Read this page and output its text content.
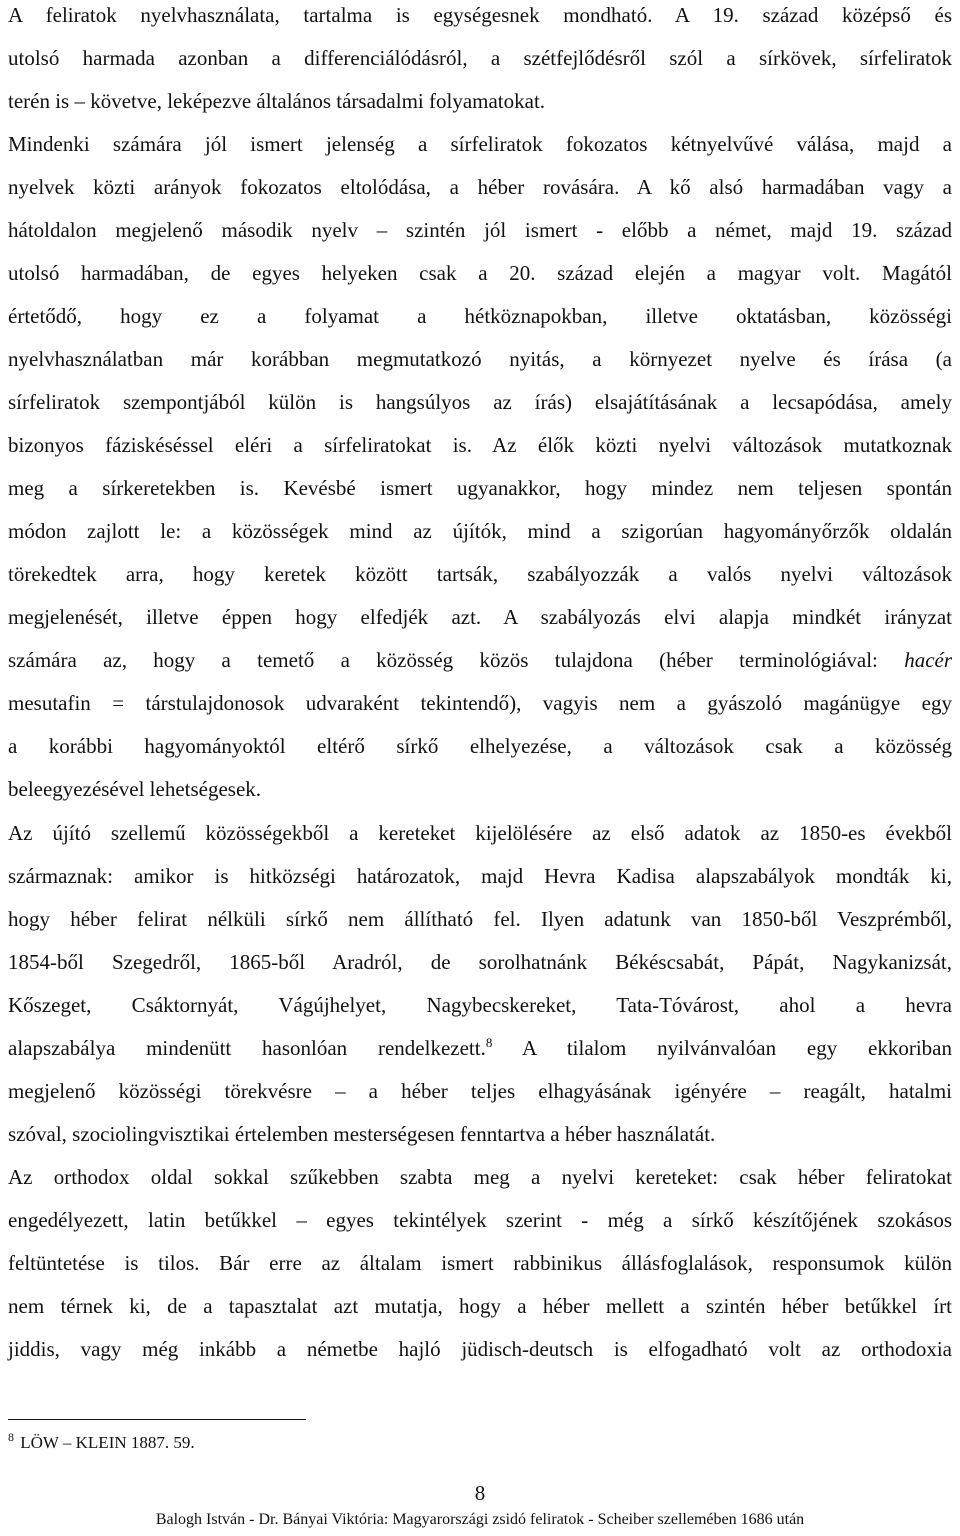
A feliratok nyelvhasználata, tartalma is egységesnek mondható. A 19. század középső és
utolsó harmada azonban a differenciálódásról, a szétfejlődésről szól a sírkövek, sírfeliratok
terén is – követve, leképezve általános társadalmi folyamatokat.
Mindenki számára jól ismert jelenség a sírfeliratok fokozatos kétnyelvűvé válása, majd a
nyelvek közti arányok fokozatos eltolódása, a héber rovására. A kő alsó harmadában vagy a
hátoldalon megjelenő második nyelv – szintén jól ismert - előbb a német, majd 19. század
utolsó harmadában, de egyes helyeken csak a 20. század elején a magyar volt. Magától
értetődő, hogy ez a folyamat a hétköznapokban, illetve oktatásban, közösségi
nyelvhasználatban már korábban megmutatkozó nyitás, a környezet nyelve és írása (a
sírfeliratok szempontjából külön is hangsúlyos az írás) elsajátításának a lecsapódása, amely
bizonyos fáziskéséssel eléri a sírfeliratokat is. Az élők közti nyelvi változások mutatkoznak
meg a sírkeretekben is. Kevésbé ismert ugyanakkor, hogy mindez nem teljesen spontán
módon zajlott le: a közösségek mind az újítók, mind a szigorúan hagyományőrzők oldalán
törekedtek arra, hogy keretek között tartsák, szabályozzák a valós nyelvi változások
megjelenését, illetve éppen hogy elfedjék azt. A szabályozás elvi alapja mindkét irányzat
számára az, hogy a temető a közösség közös tulajdona (héber terminológiával: hacér
mesutafin = társtulajdonosok udvaraként tekintendő), vagyis nem a gyászoló magánügye egy
a korábbi hagyományoktól eltérő sírkő elhelyezése, a változások csak a közösség
beleegyezésével lehetségesek.
Az újító szellemű közösségekből a kereteket kijelölésére az első adatok az 1850-es évekből
származnak: amikor is hitközségi határozatok, majd Hevra Kadisa alapszabályok mondták ki,
hogy héber felirat nélküli sírkő nem állítható fel. Ilyen adatunk van 1850-ből Veszprémből,
1854-ből Szegedről, 1865-ből Aradról, de sorolhatnánk Békéscsabát, Pápát, Nagykanizsát,
Kőszeget, Csáktornyát, Vágújhelyet, Nagybecskereket, Tata-Tóvárost, ahol a hevra
alapszabálya mindenütt hasonlóan rendelkezett.$^8$ A tilalom nyilvánvalóan egy ekkoriban
megjelenő közösségi törekvésre – a héber teljes elhagyásának igényére – reagált, hatalmi
szóval, szociolingvisztikai értelemben mesterségesen fenntartva a héber használatát.
Az orthodox oldal sokkal szűkebben szabta meg a nyelvi kereteket: csak héber feliratokat
engedélyezett, latin betűkkel – egyes tekintélyek szerint - még a sírkő készítőjének szokásos
feltüntetése is tilos. Bár erre az általam ismert rabbinikus állásfoglalások, responsumok külön
nem térnek ki, de a tapasztalat azt mutatja, hogy a héber mellett a szintén héber betűkkel írt
jiddis, vagy még inkább a németbe hajló jüdisch-deutsch is elfogadható volt az orthodoxia
$^8$ LÖW – KLEIN 1887. 59.
8
Balogh István - Dr. Bányai Viktória: Magyarországi zsidó feliratok - Scheiber szellemében 1686 után
